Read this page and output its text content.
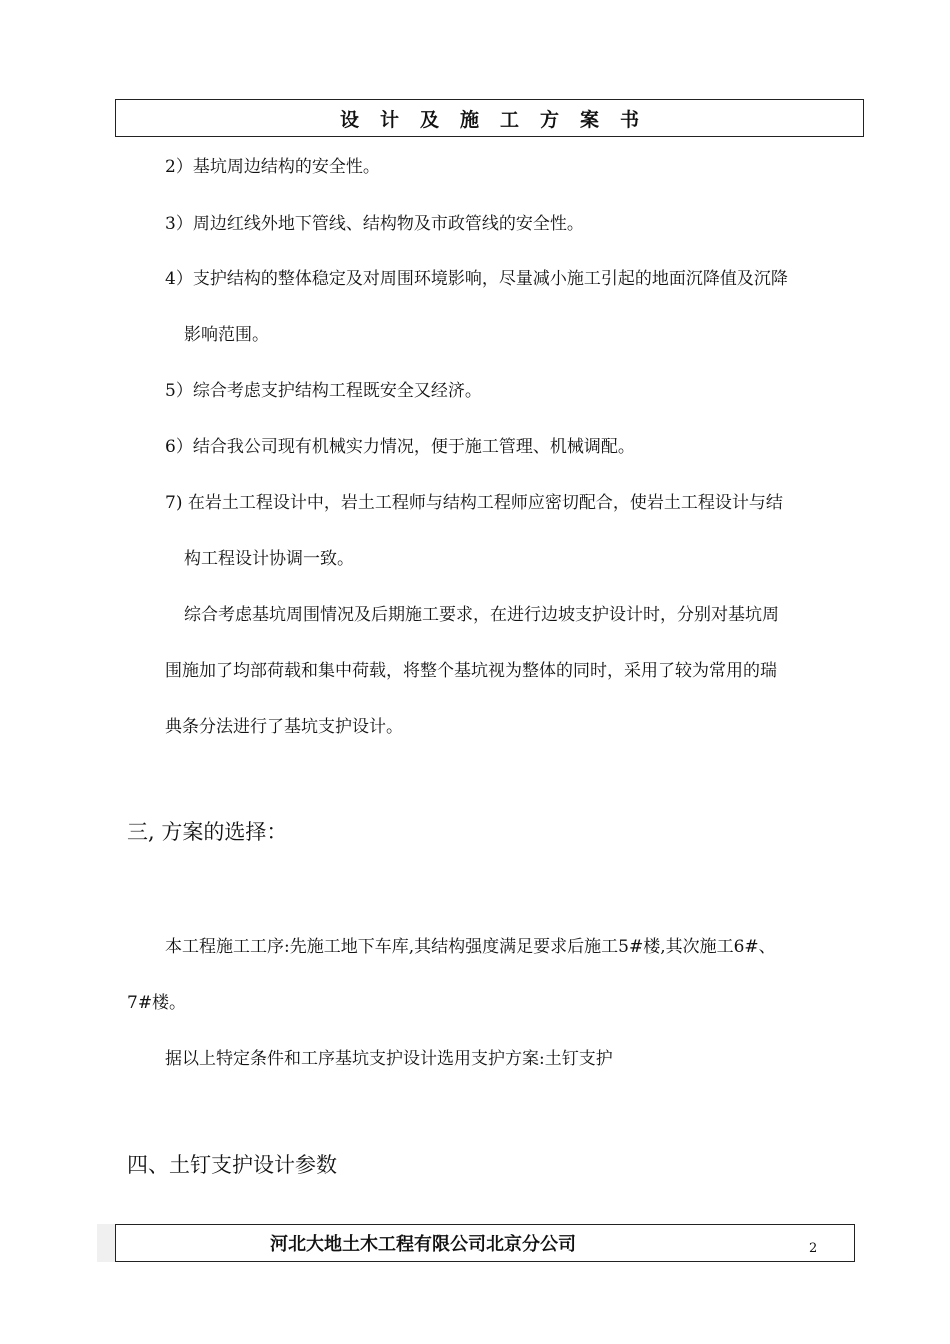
设计及施工方案书
2）基坑周边结构的安全性。
3）周边红线外地下管线、结构物及市政管线的安全性。
4）支护结构的整体稳定及对周围环境影响，尽量减小施工引起的地面沉降值及沉降
影响范围。
5）综合考虑支护结构工程既安全又经济。
6）结合我公司现有机械实力情况，便于施工管理、机械调配。
7) 在岩土工程设计中，岩土工程师与结构工程师应密切配合，使岩土工程设计与结
构工程设计协调一致。
综合考虑基坑周围情况及后期施工要求，在进行边坡支护设计时，分别对基坑周
围施加了均部荷载和集中荷载，将整个基坑视为整体的同时，采用了较为常用的瑞
典条分法进行了基坑支护设计。
三, 方案的选择：
本工程施工工序:先施工地下车库,其结构强度满足要求后施工5#楼,其次施工6#、
7#楼。
据以上特定条件和工序基坑支护设计选用支护方案:土钉支护
四、土钉支护设计参数
河北大地土木工程有限公司北京分公司	2
